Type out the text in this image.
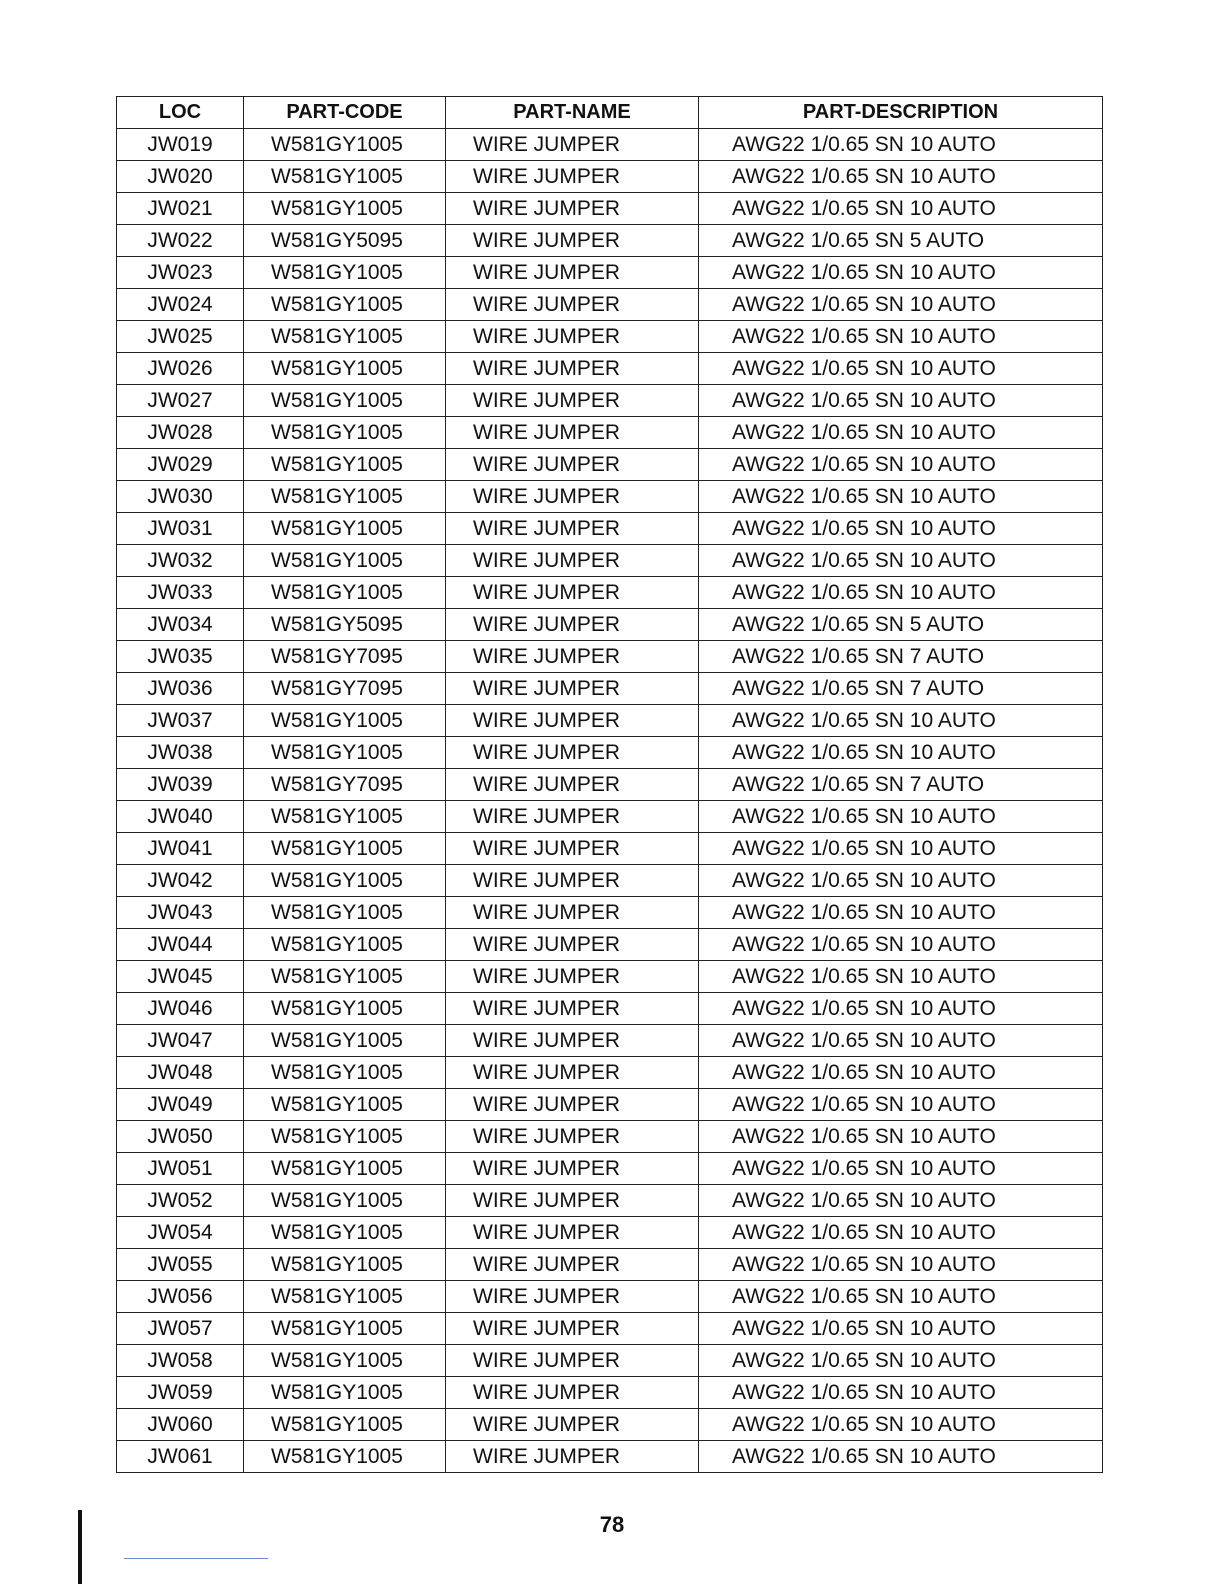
LOC	PART-CODE	PART-NAME	PART-DESCRIPTION
JW019	W581GY1005	WIRE JUMPER	AWG22 1/0.65 SN 10 AUTO
JW020	W581GY1005	WIRE JUMPER	AWG22 1/0.65 SN 10 AUTO
JW021	W581GY1005	WIRE JUMPER	AWG22 1/0.65 SN 10 AUTO
JW022	W581GY5095	WIRE JUMPER	AWG22 1/0.65 SN 5 AUTO
JW023	W581GY1005	WIRE JUMPER	AWG22 1/0.65 SN 10 AUTO
JW024	W581GY1005	WIRE JUMPER	AWG22 1/0.65 SN 10 AUTO
JW025	W581GY1005	WIRE JUMPER	AWG22 1/0.65 SN 10 AUTO
JW026	W581GY1005	WIRE JUMPER	AWG22 1/0.65 SN 10 AUTO
JW027	W581GY1005	WIRE JUMPER	AWG22 1/0.65 SN 10 AUTO
JW028	W581GY1005	WIRE JUMPER	AWG22 1/0.65 SN 10 AUTO
JW029	W581GY1005	WIRE JUMPER	AWG22 1/0.65 SN 10 AUTO
JW030	W581GY1005	WIRE JUMPER	AWG22 1/0.65 SN 10 AUTO
JW031	W581GY1005	WIRE JUMPER	AWG22 1/0.65 SN 10 AUTO
JW032	W581GY1005	WIRE JUMPER	AWG22 1/0.65 SN 10 AUTO
JW033	W581GY1005	WIRE JUMPER	AWG22 1/0.65 SN 10 AUTO
JW034	W581GY5095	WIRE JUMPER	AWG22 1/0.65 SN 5 AUTO
JW035	W581GY7095	WIRE JUMPER	AWG22 1/0.65 SN 7 AUTO
JW036	W581GY7095	WIRE JUMPER	AWG22 1/0.65 SN 7 AUTO
JW037	W581GY1005	WIRE JUMPER	AWG22 1/0.65 SN 10 AUTO
JW038	W581GY1005	WIRE JUMPER	AWG22 1/0.65 SN 10 AUTO
JW039	W581GY7095	WIRE JUMPER	AWG22 1/0.65 SN 7 AUTO
JW040	W581GY1005	WIRE JUMPER	AWG22 1/0.65 SN 10 AUTO
JW041	W581GY1005	WIRE JUMPER	AWG22 1/0.65 SN 10 AUTO
JW042	W581GY1005	WIRE JUMPER	AWG22 1/0.65 SN 10 AUTO
JW043	W581GY1005	WIRE JUMPER	AWG22 1/0.65 SN 10 AUTO
JW044	W581GY1005	WIRE JUMPER	AWG22 1/0.65 SN 10 AUTO
JW045	W581GY1005	WIRE JUMPER	AWG22 1/0.65 SN 10 AUTO
JW046	W581GY1005	WIRE JUMPER	AWG22 1/0.65 SN 10 AUTO
JW047	W581GY1005	WIRE JUMPER	AWG22 1/0.65 SN 10 AUTO
JW048	W581GY1005	WIRE JUMPER	AWG22 1/0.65 SN 10 AUTO
JW049	W581GY1005	WIRE JUMPER	AWG22 1/0.65 SN 10 AUTO
JW050	W581GY1005	WIRE JUMPER	AWG22 1/0.65 SN 10 AUTO
JW051	W581GY1005	WIRE JUMPER	AWG22 1/0.65 SN 10 AUTO
JW052	W581GY1005	WIRE JUMPER	AWG22 1/0.65 SN 10 AUTO
JW054	W581GY1005	WIRE JUMPER	AWG22 1/0.65 SN 10 AUTO
JW055	W581GY1005	WIRE JUMPER	AWG22 1/0.65 SN 10 AUTO
JW056	W581GY1005	WIRE JUMPER	AWG22 1/0.65 SN 10 AUTO
JW057	W581GY1005	WIRE JUMPER	AWG22 1/0.65 SN 10 AUTO
JW058	W581GY1005	WIRE JUMPER	AWG22 1/0.65 SN 10 AUTO
JW059	W581GY1005	WIRE JUMPER	AWG22 1/0.65 SN 10 AUTO
JW060	W581GY1005	WIRE JUMPER	AWG22 1/0.65 SN 10 AUTO
JW061	W581GY1005	WIRE JUMPER	AWG22 1/0.65 SN 10 AUTO
78
